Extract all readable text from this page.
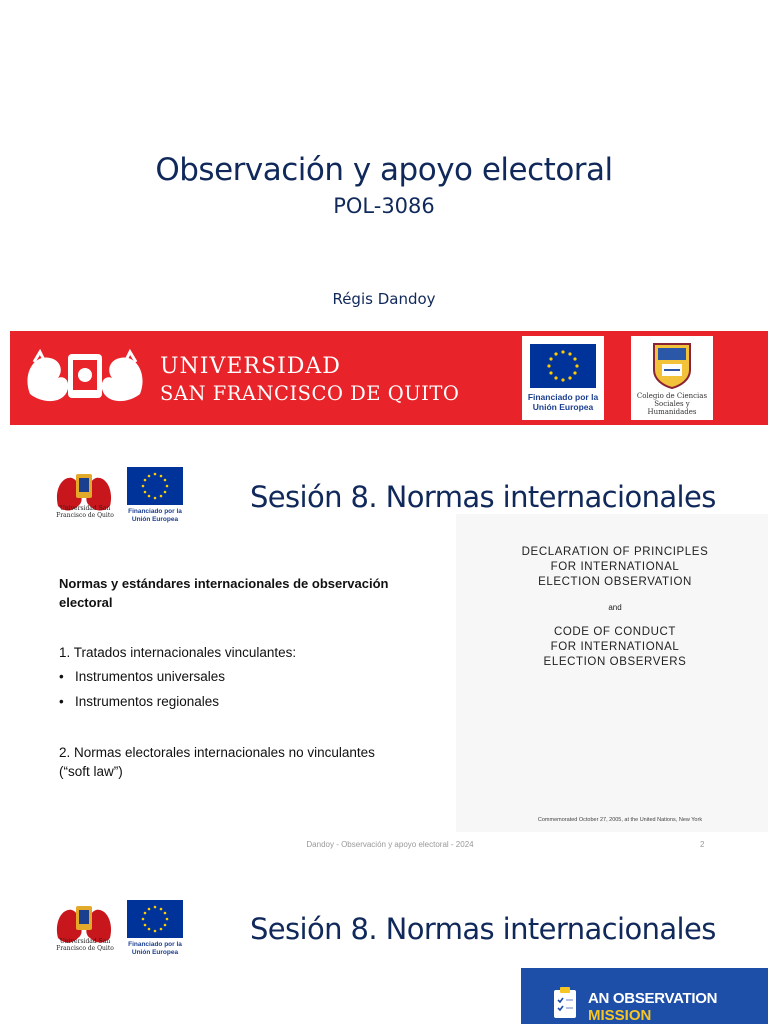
Observación y apoyo electoral
POL-3086
Régis Dandoy
UNIVERSIDAD
SAN FRANCISCO DE QUITO	Financiado por la Unión Europea
Colegio de Ciencias Sociales y Humanidades
Universidad San Francisco de Quito
Financiado por la Unión Europea
Sesión 8. Normas internacionales
DECLARATION OF PRINCIPLES
FOR INTERNATIONAL
ELECTION OBSERVATION
and
CODE OF CONDUCT
FOR INTERNATIONAL
ELECTION OBSERVERS
Commemorated October 27, 2005, at the United Nations, New York
Normas y estándares internacionales de observación electoral
1. Tratados internacionales vinculantes:
•   Instrumentos universales
•   Instrumentos regionales
2. Normas electorales internacionales no vinculantes
(“soft law”)
Dandoy - Observación y apoyo electoral - 2024	2
Universidad San Francisco de Quito
Financiado por la Unión Europea
Sesión 8. Normas internacionales
AN OBSERVATION
MISSION
